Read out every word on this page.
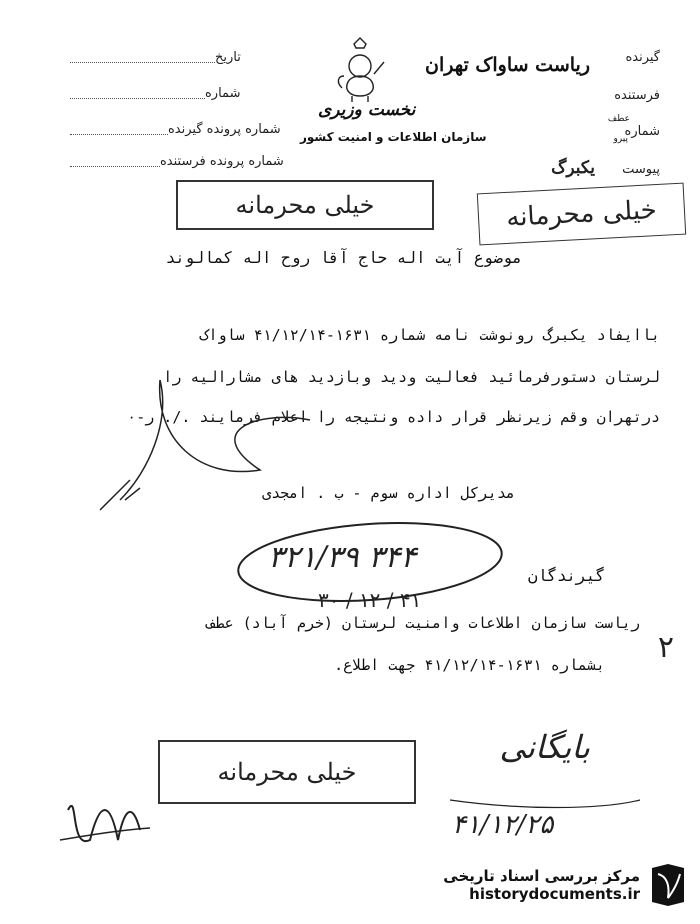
گیرنده
ریاست ساواک تهران
فرستنده
شماره
عطف
پیرو
پیوست
یکبرگ
تاریخ
شماره
شماره پرونده گیرنده
شماره پرونده فرستنده
نخست وزیری
سازمان اطلاعات و امنیت کشور
خیلی محرمانه	خیلی محرمانه
موضوع آیت اله حاج آقا روح اله کمالوند
باایفاد یکبرگ رونوشت نامه شماره ۱۶۳۱-۴۱/۱۲/۱۴ ساواک
لرستان دستورفرمائید فعالیت ودید وبازدید های مشارالیه را
درتهران وقم زیرنظر قرار داده ونتیجه را اعلام فرمایند ./. ر-۰
مدیرکل اداره سوم - ب . امجدی
۳۲۱/۳۹ ۳۴۴
گیرندگان
۳۰ / ۱۲ / ۴۱
۲
ریاست سازمان اطلاعات وامنیت لرستان (خرم آباد) عطف
بشماره ۱۶۳۱-۴۱/۱۲/۱۴ جهت اطلاع.
خیلی محرمانه
بایگانی
۴۱/۱۲/۲۵
مرکز بررسی اسناد تاریخی
historydocuments.ir
